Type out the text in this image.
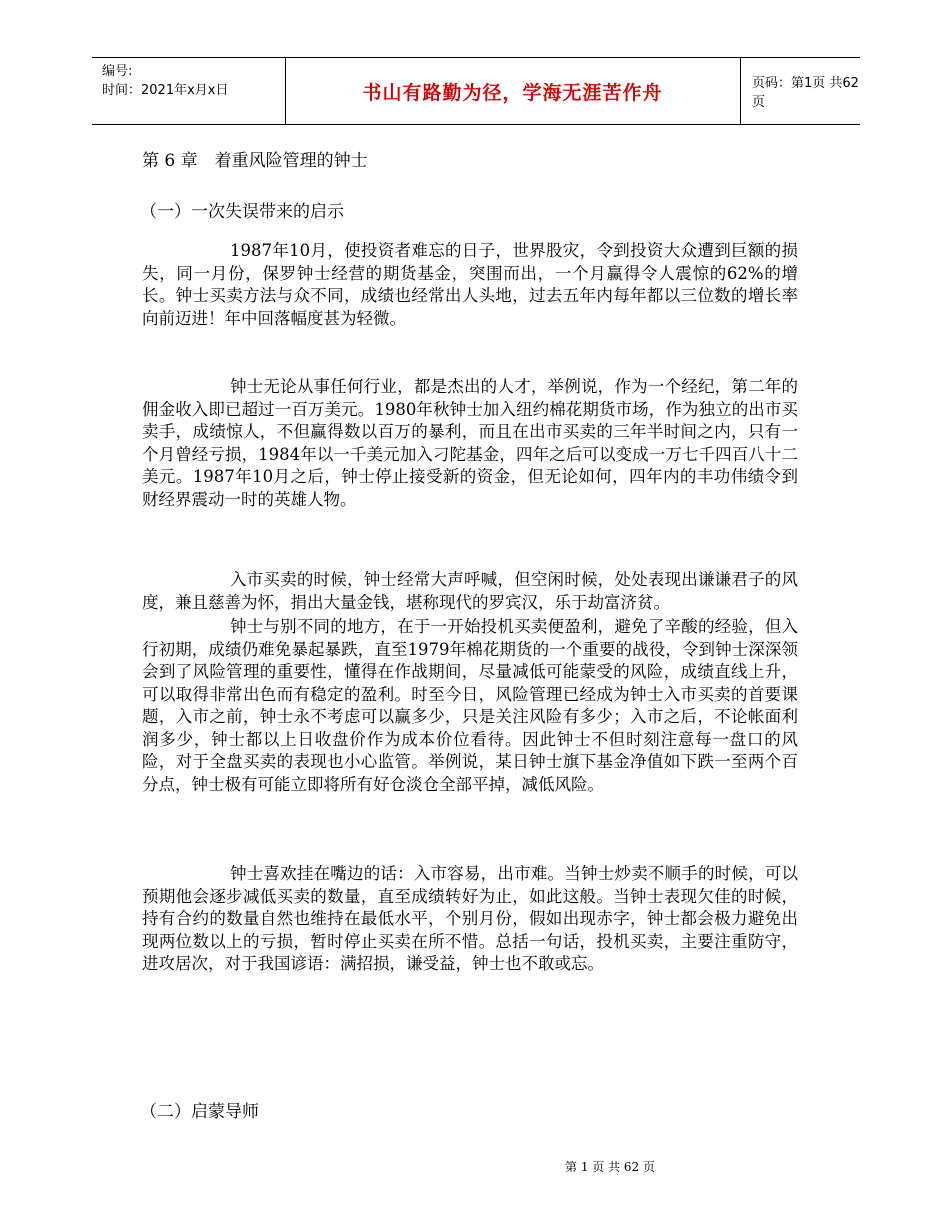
编号:
时间：2021年x月x日	书山有路勤为径，学海无涯苦作舟	页码：第1页 共62页
第 6 章　着重风险管理的钟士
（一）一次失误带来的启示

1987年10月，使投资者难忘的日子，世界股灾，令到投资大众遭到巨额的损失，同一月份，保罗钟士经营的期货基金，突围而出，一个月赢得令人震惊的62%的增长。钟士买卖方法与众不同，成绩也经常出人头地，过去五年内每年都以三位数的增长率向前迈进！年中回落幅度甚为轻微。

钟士无论从事任何行业，都是杰出的人才，举例说，作为一个经纪，第二年的佣金收入即已超过一百万美元。1980年秋钟士加入纽约棉花期货市场，作为独立的出市买卖手，成绩惊人，不但赢得数以百万的暴利，而且在出市买卖的三年半时间之内，只有一个月曾经亏损，1984年以一千美元加入刁陀基金，四年之后可以变成一万七千四百八十二美元。1987年10月之后，钟士停止接受新的资金，但无论如何，四年内的丰功伟绩令到财经界震动一时的英雄人物。

入市买卖的时候，钟士经常大声呼喊，但空闲时候，处处表现出谦谦君子的风度，兼且慈善为怀，捐出大量金钱，堪称现代的罗宾汉，乐于劫富济贫。

钟士与别不同的地方，在于一开始投机买卖便盈利，避免了辛酸的经验，但入行初期，成绩仍难免暴起暴跌，直至1979年棉花期货的一个重要的战役，令到钟士深深领会到了风险管理的重要性，懂得在作战期间，尽量减低可能蒙受的风险，成绩直线上升，可以取得非常出色而有稳定的盈利。时至今日，风险管理已经成为钟士入市买卖的首要课题，入市之前，钟士永不考虑可以赢多少，只是关注风险有多少；入市之后，不论帐面利润多少，钟士都以上日收盘价作为成本价位看待。因此钟士不但时刻注意每一盘口的风险，对于全盘买卖的表现也小心监管。举例说，某日钟士旗下基金净值如下跌一至两个百分点，钟士极有可能立即将所有好仓淡仓全部平掉，减低风险。

钟士喜欢挂在嘴边的话：入市容易，出市难。当钟士炒卖不顺手的时候，可以预期他会逐步减低买卖的数量，直至成绩转好为止，如此这般。当钟士表现欠佳的时候，持有合约的数量自然也维持在最低水平，个别月份，假如出现赤字，钟士都会极力避免出现两位数以上的亏损，暂时停止买卖在所不惜。总括一句话，投机买卖，主要注重防守，进攻居次，对于我国谚语：满招损，谦受益，钟士也不敢或忘。

（二）启蒙导师
第 1 页 共 62 页
